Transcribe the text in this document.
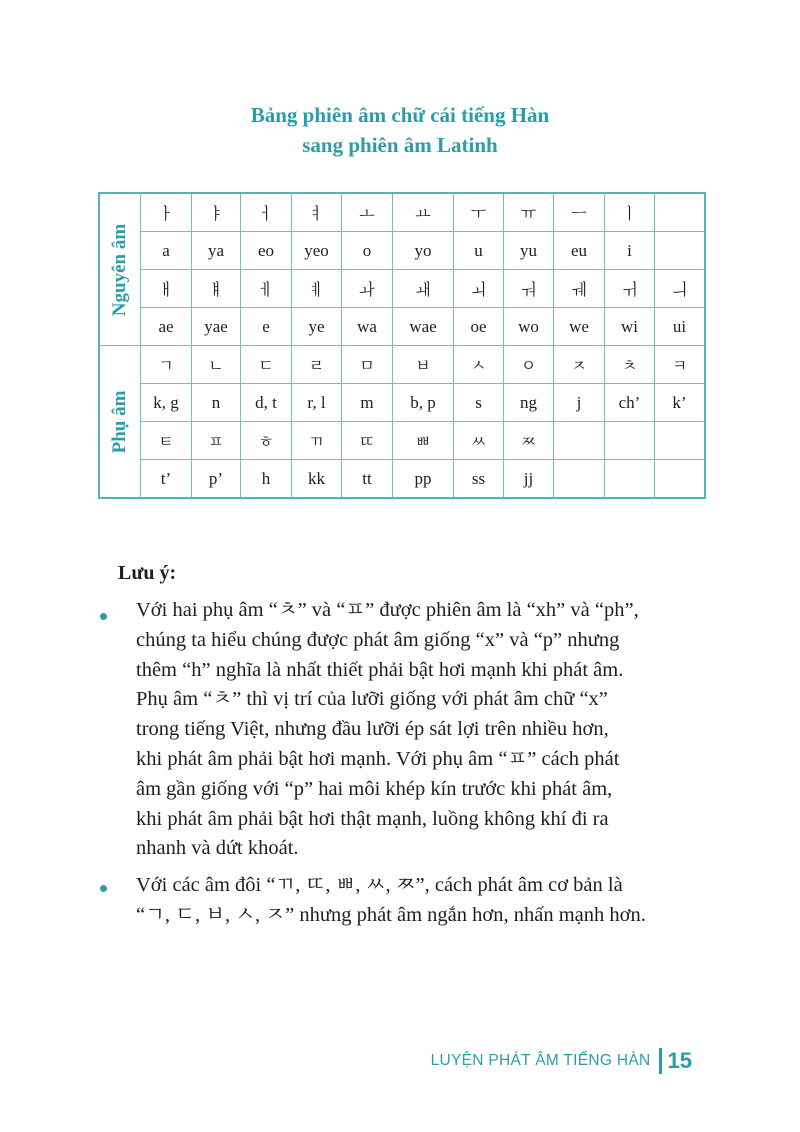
Bảng phiên âm chữ cái tiếng Hàn
sang phiên âm Latinh
Nguyên âm	ㅏ	ㅑ	ㅓ	ㅕ	ㅗ	ㅛ	ㅜ	ㅠ	ㅡ	ㅣ	
	a	ya	eo	yeo	o	yo	u	yu	eu	i	
	ㅐ	ㅒ	ㅔ	ㅖ	ㅘ	ㅙ	ㅚ	ㅝ	ㅞ	ㅟ	ㅢ
	ae	yae	e	ye	wa	wae	oe	wo	we	wi	ui

Phụ âm	ㄱ	ㄴ	ㄷ	ㄹ	ㅁ	ㅂ	ㅅ	ㅇ	ㅈ	ㅊ	ㅋ
	k, g	n	d, t	r, l	m	b, p	s	ng	j	ch’	k’
	ㅌ	ㅍ	ㅎ	ㄲ	ㄸ	ㅃ	ㅆ	ㅉ			
	t’	p’	h	kk	tt	pp	ss	jj			
Lưu ý:
Với hai phụ âm “ㅊ” và “ㅍ” được phiên âm là “xh” và “ph”,
chúng ta hiểu chúng được phát âm giống “x” và “p” nhưng
thêm “h” nghĩa là nhất thiết phải bật hơi mạnh khi phát âm.
Phụ âm “ㅊ” thì vị trí của lưỡi giống với phát âm chữ “x”
trong tiếng Việt, nhưng đầu lưỡi ép sát lợi trên nhiều hơn,
khi phát âm phải bật hơi mạnh. Với phụ âm “ㅍ” cách phát
âm gần giống với “p” hai môi khép kín trước khi phát âm,
khi phát âm phải bật hơi thật mạnh, luồng không khí đi ra
nhanh và dứt khoát.
Với các âm đôi “ㄲ, ㄸ, ㅃ, ㅆ, ㅉ”, cách phát âm cơ bản là
“ㄱ, ㄷ, ㅂ, ㅅ, ㅈ” nhưng phát âm ngắn hơn, nhấn mạnh hơn.
LUYỆN PHÁT ÂM TIẾNG HÀN 15
